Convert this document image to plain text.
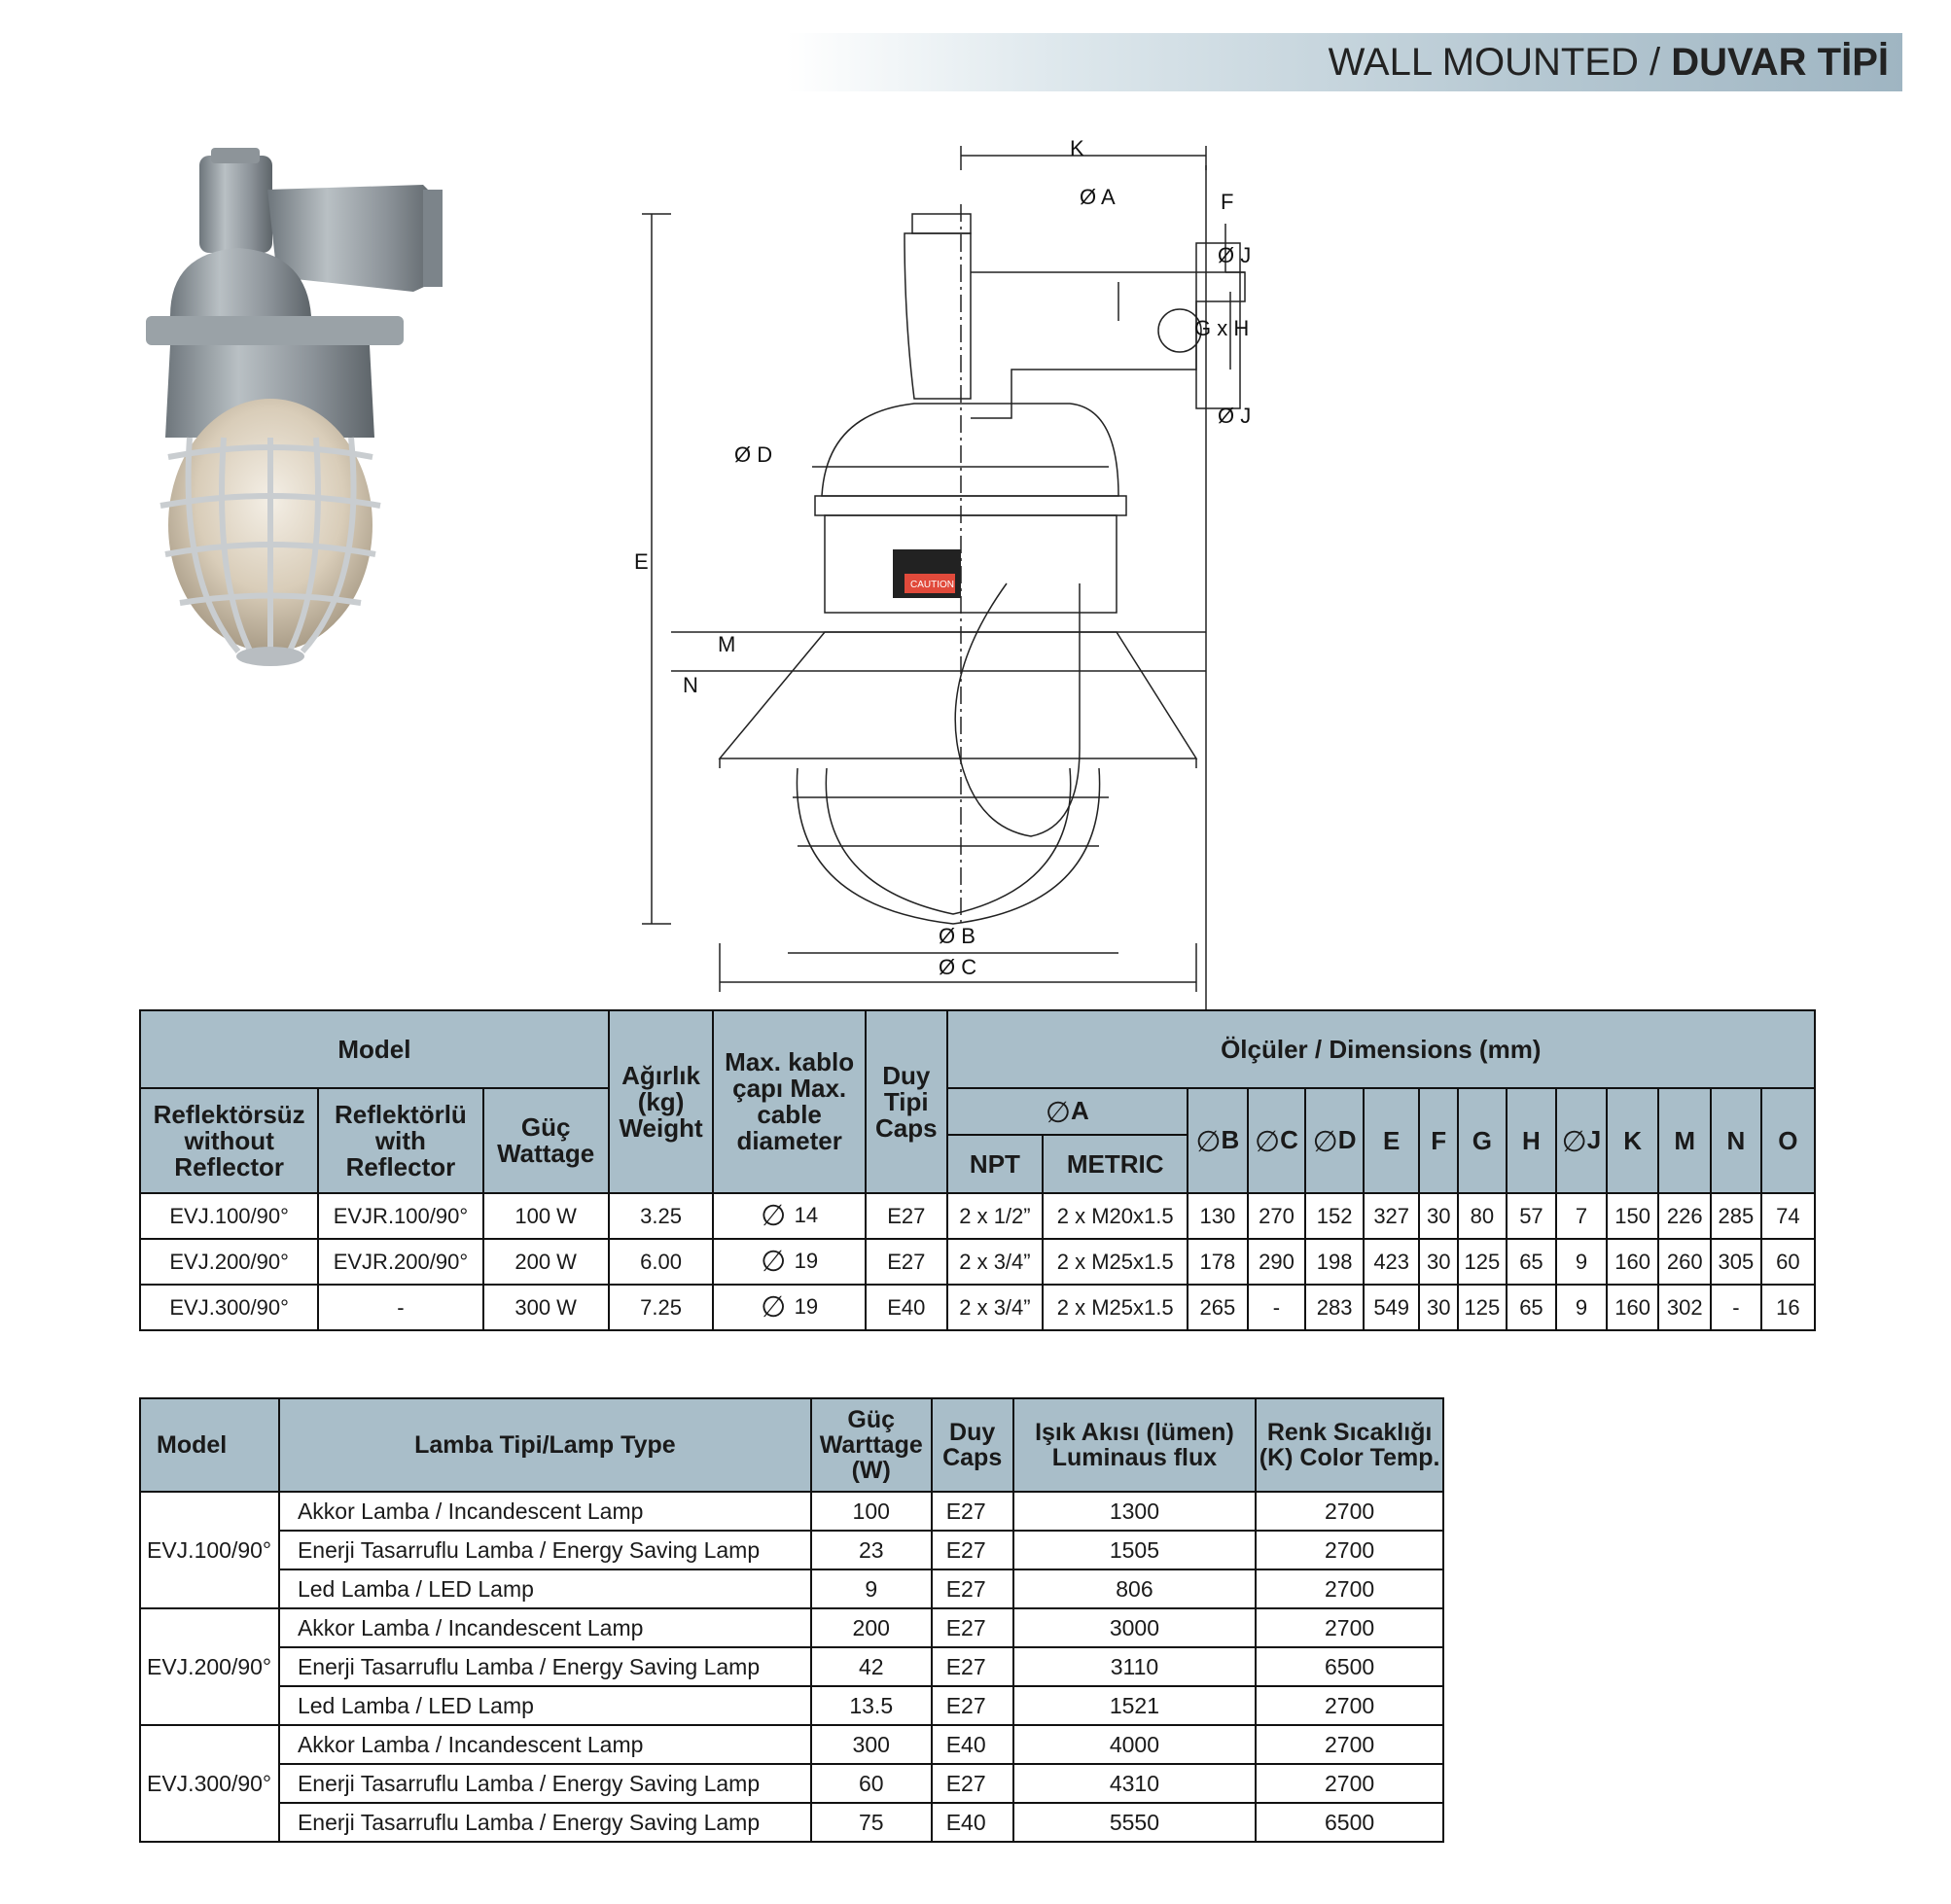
WALL MOUNTED / DUVAR TİPİ
CAUTION
K
F
Ø A
Ø J
Ø J
G x H
Ø D
E
M
N
Ø B
Ø C
Model			Ağırlık (kg) Weight	Max. kablo çapı Max. cable diameter	Duy Tipi Caps	Ölçüler / Dimensions (mm)													
Reflektörsüz without Reflector	Reflektörlü with Reflector	Güç Wattage				∅A		∅B	∅C	∅D	E	F	G	H	∅J	K	M	N	O
						NPT	METRIC												
EVJ.100/90°	EVJR.100/90°	100 W	3.25	∅ 14	E27	2 x 1/2”	2 x M20x1.5	130	270	152	327	30	80	57	7	150	226	285	74
EVJ.200/90°	EVJR.200/90°	200 W	6.00	∅ 19	E27	2 x 3/4”	2 x M25x1.5	178	290	198	423	30	125	65	9	160	260	305	60
EVJ.300/90°	-	300 W	7.25	∅ 19	E40	2 x 3/4”	2 x M25x1.5	265	-	283	549	30	125	65	9	160	302	-	16
Model	Lamba Tipi/Lamp Type	Güç Warttage (W)	Duy Caps	Işık Akısı (lümen) Luminaus flux	Renk Sıcaklığı (K) Color Temp.
EVJ.100/90°	Akkor Lamba / Incandescent Lamp	100	E27	1300	2700
	Enerji Tasarruflu Lamba / Energy Saving Lamp	23	E27	1505	2700
	Led Lamba / LED Lamp	9	E27	806	2700
EVJ.200/90°	Akkor Lamba / Incandescent Lamp	200	E27	3000	2700
	Enerji Tasarruflu Lamba / Energy Saving Lamp	42	E27	3110	6500
	Led Lamba / LED Lamp	13.5	E27	1521	2700
EVJ.300/90°	Akkor Lamba / Incandescent Lamp	300	E40	4000	2700
	Enerji Tasarruflu Lamba / Energy Saving Lamp	60	E27	4310	2700
	Enerji Tasarruflu Lamba / Energy Saving Lamp	75	E40	5550	6500
